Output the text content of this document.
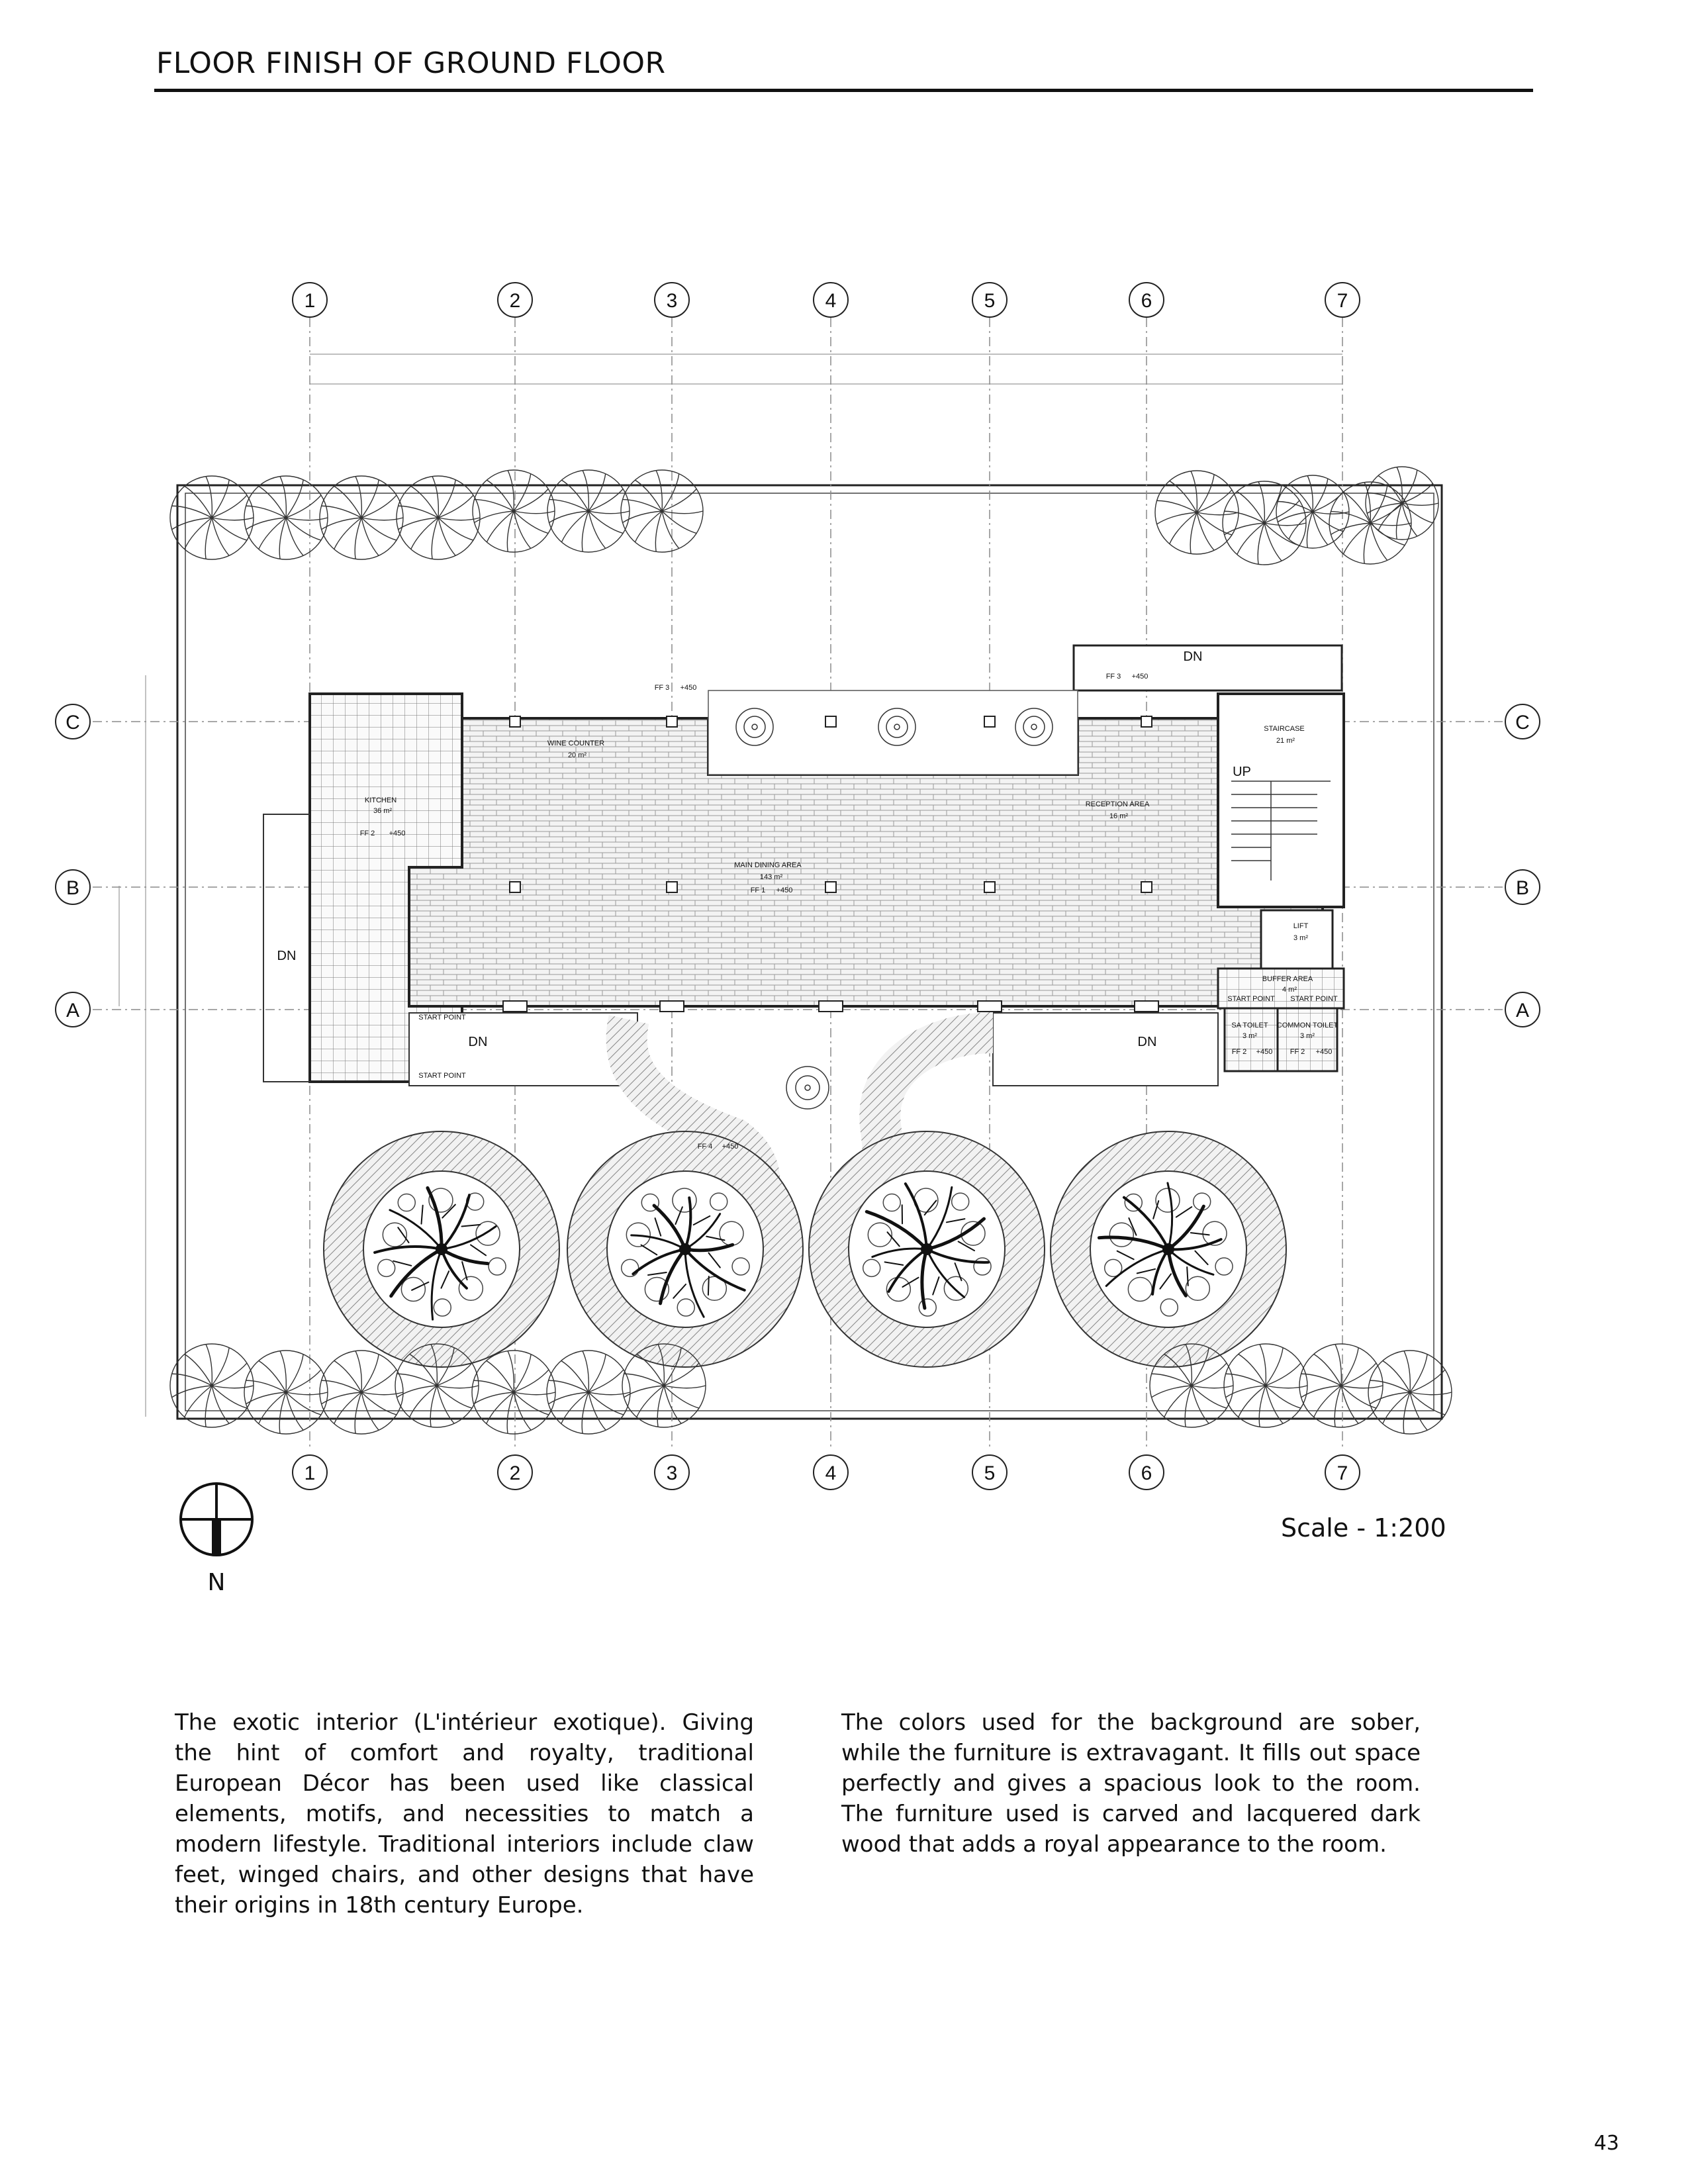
FLOOR FINISH OF GROUND FLOOR
1	2	3	4	5	6	7
1	2	3	4	5	6	7
C
B
A
C
B
A
N
KITCHEN
36 m²
FF 2
WINE COUNTER
20 m²
MAIN DINING AREA
143 m²
FF 1
RECEPTION AREA
16 m²
STAIRCASE
21 m²
LIFT
3 m²
BUFFER AREA
4 m²
SA TOILET
3 m²
FF 2
COMMON TOILET
3 m²
FF 2
FF 3 +450
FF 3 +450
FF 4 +450
+450
+450
+450	+450
START POINT
START POINT
START POINT START POINT
DN
UP
DN
DN	DN
Scale - 1:200

The exotic interior (L'intérieur exotique). Giving the hint of comfort and royalty, traditional European Décor has been used like classical elements, motifs, and necessities to match a modern lifestyle. Traditional interiors include claw feet, winged chairs, and other designs that have their origins in 18th century Europe.

The colors used for the background are sober, while the furniture is extravagant. It fills out space perfectly and gives a spacious look to the room. The furniture used is carved and lacquered dark wood that adds a royal appearance to the room.

43
